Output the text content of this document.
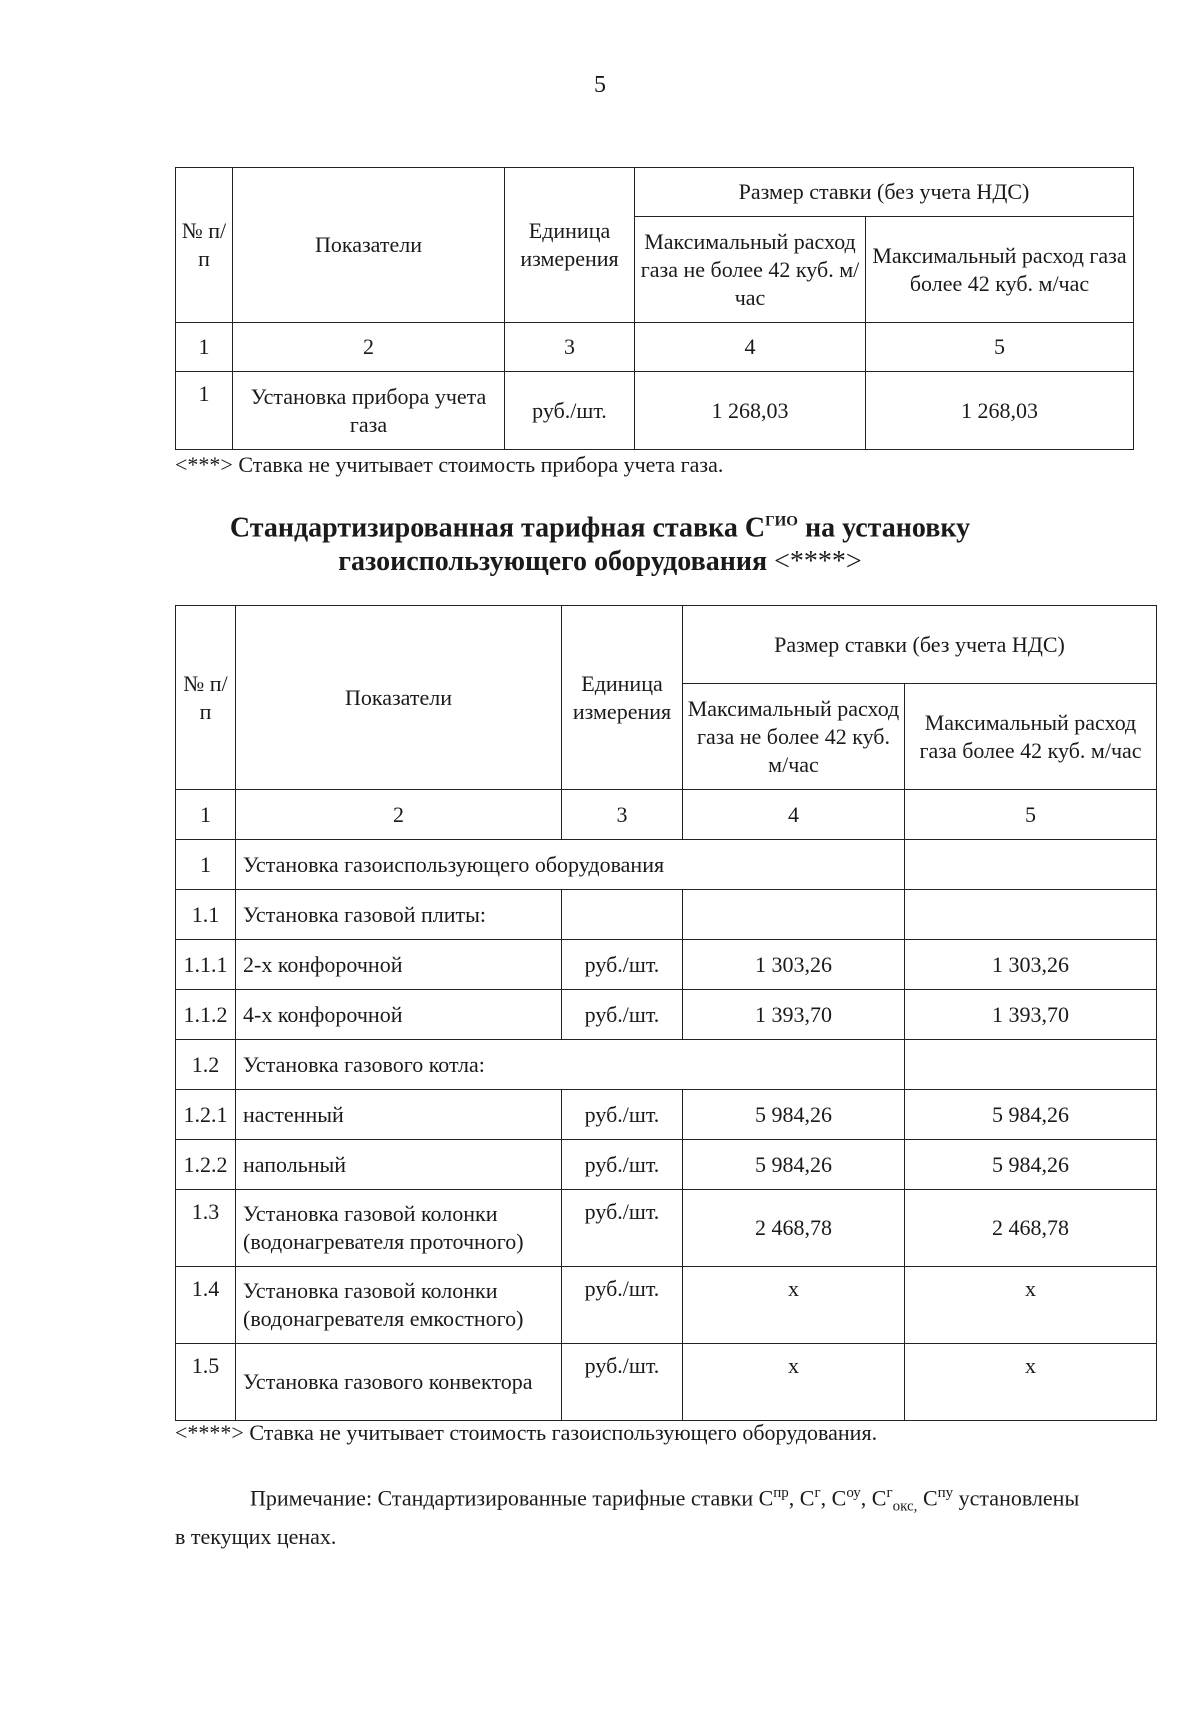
5
№ п/п	Показатели	Единица измерения	Размер ставки (без учета НДС)	
			Максимальный расход газа не более 42 куб. м/час	Максимальный расход газа более 42 куб. м/час
1	2	3	4	5
1	Установка прибора учета газа	руб./шт.	1 268,03	1 268,03
<***> Ставка не учитывает стоимость прибора учета газа.
Стандартизированная тарифная ставка $С^{ГИО}$ на установку
газоиспользующего оборудования <****>
№ п/п	Показатели	Единица измерения	Размер ставки (без учета НДС)	
			Максимальный расход газа не более 42 куб. м/час	Максимальный расход газа более 42 куб. м/час
1	2	3	4	5
1	Установка газоиспользующего оборудования			
1.1	Установка газовой плиты:			
1.1.1	2-х конфорочной	руб./шт.	1 303,26	1 303,26
1.1.2	4-х конфорочной	руб./шт.	1 393,70	1 393,70
1.2	Установка газового котла:			
1.2.1	настенный	руб./шт.	5 984,26	5 984,26
1.2.2	напольный	руб./шт.	5 984,26	5 984,26
1.3	Установка газовой колонки (водонагревателя проточного)	руб./шт.	2 468,78	2 468,78
1.4	Установка газовой колонки (водонагревателя емкостного)	руб./шт.	x	x
1.5	Установка газового конвектора	руб./шт.	x	x
<****> Ставка не учитывает стоимость газоиспользующего оборудования.
Примечание: Стандартизированные тарифные ставки $С^{пр}$, $С^г$, $С^{оу}$, $С^г_{окс,}$ $С^{пу}$ установлены
в текущих ценах.
